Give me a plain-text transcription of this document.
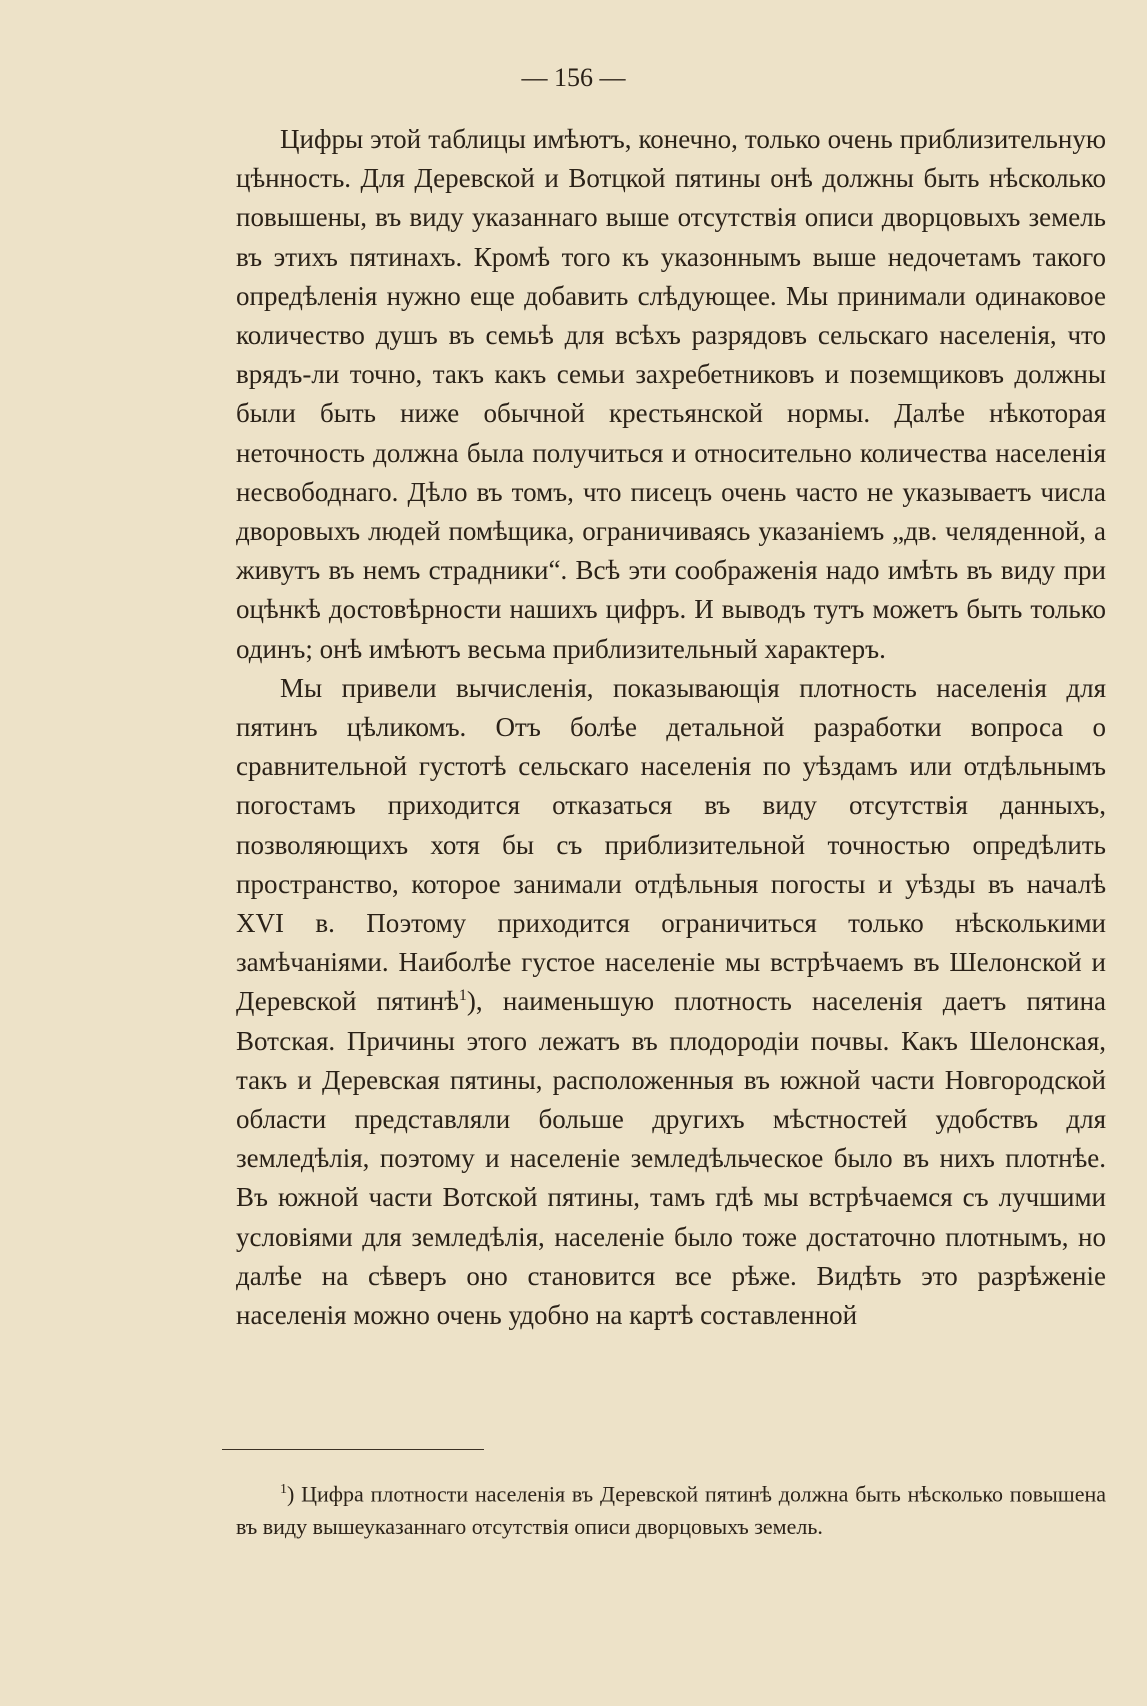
— 156 —

Цифры этой таблицы имѣютъ, конечно, только очень приблизительную цѣнность. Для Деревской и Вотцкой пятины онѣ должны быть нѣсколько повышены, въ виду указаннаго выше отсутствія описи дворцовыхъ земель въ этихъ пятинахъ. Кромѣ того къ указоннымъ выше недочетамъ такого опредѣленія нужно еще добавить слѣдующее. Мы принимали одинаковое количество душъ въ семьѣ для всѣхъ разрядовъ сельскаго населенія, что врядъ-ли точно, такъ какъ семьи захребетниковъ и поземщиковъ должны были быть ниже обычной крестьянской нормы. Далѣе нѣкоторая неточность должна была получиться и относительно количества населенія несвободнаго. Дѣло въ томъ, что писецъ очень часто не указываетъ числа дворовыхъ людей помѣщика, ограничиваясь указаніемъ „дв. челяденной, а живутъ въ немъ страдники“. Всѣ эти соображенія надо имѣть въ виду при оцѣнкѣ достовѣрности нашихъ цифръ. И выводъ тутъ можетъ быть только одинъ; онѣ имѣютъ весьма приблизительный характеръ.

Мы привели вычисленія, показывающія плотность населенія для пятинъ цѣликомъ. Отъ болѣе детальной разработки вопроса о сравнительной густотѣ сельскаго населенія по уѣздамъ или отдѣльнымъ погостамъ приходится отказаться въ виду отсутствія данныхъ, позволяющихъ хотя бы съ приблизительной точностью опредѣлить пространство, которое занимали отдѣльныя погосты и уѣзды въ началѣ XVI в. Поэтому приходится ограничиться только нѣсколькими замѣчаніями. Наиболѣе густое населеніе мы встрѣчаемъ въ Шелонской и Деревской пятинѣ$^1$), наименьшую плотность населенія даетъ пятина Вотская. Причины этого лежатъ въ плодородіи почвы. Какъ Шелонская, такъ и Деревская пятины, расположенныя въ южной части Новгородской области представляли больше другихъ мѣстностей удобствъ для земледѣлія, поэтому и населеніе земледѣльческое было въ нихъ плотнѣе. Въ южной части Вотской пятины, тамъ гдѣ мы встрѣчаемся съ лучшими условіями для земледѣлія, населеніе было тоже достаточно плотнымъ, но далѣе на сѣверъ оно становится все рѣже. Видѣть это разрѣженіе населенія можно очень удобно на картѣ составленной

$^1$) Цифра плотности населенія въ Деревской пятинѣ должна быть нѣсколько повышена въ виду вышеуказаннаго отсутствія описи дворцовыхъ земель.
